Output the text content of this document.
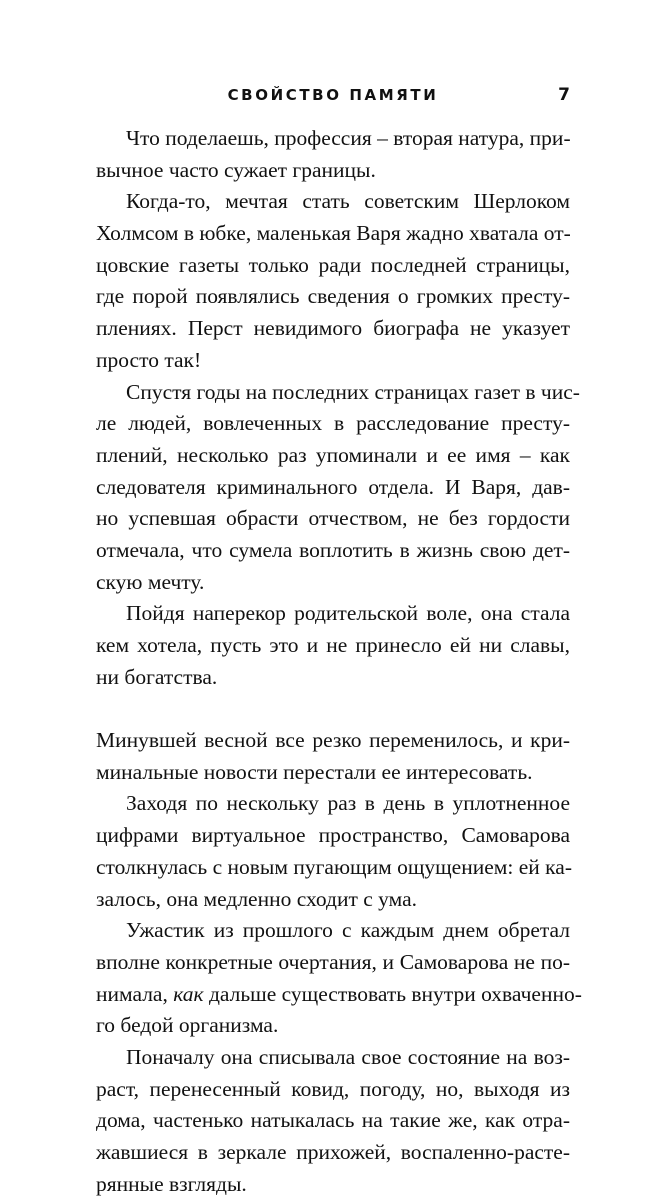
СВОЙСТВО ПАМЯТИ	7
Что поделаешь, профессия – вторая натура, при-
вычное часто сужает границы.
Когда-то, мечтая стать советским Шерлоком
Холмсом в юбке, маленькая Варя жадно хватала от-
цовские газеты только ради последней страницы,
где порой появлялись сведения о громких престу-
плениях. Перст невидимого биографа не указует
просто так!
Спустя годы на последних страницах газет в чис-
ле людей, вовлеченных в расследование престу-
плений, несколько раз упоминали и ее имя – как
следователя криминального отдела. И Варя, дав-
но успевшая обрасти отчеством, не без гордости
отмечала, что сумела воплотить в жизнь свою дет-
скую мечту.
Пойдя наперекор родительской воле, она стала
кем хотела, пусть это и не принесло ей ни славы,
ни богатства.
Минувшей весной все резко переменилось, и кри-
минальные новости перестали ее интересовать.
Заходя по нескольку раз в день в уплотненное
цифрами виртуальное пространство, Самоварова
столкнулась с новым пугающим ощущением: ей ка-
залось, она медленно сходит с ума.
Ужастик из прошлого с каждым днем обретал
вполне конкретные очертания, и Самоварова не по-
нимала, как дальше существовать внутри охваченно-
го бедой организма.
Поначалу она списывала свое состояние на воз-
раст, перенесенный ковид, погоду, но, выходя из
дома, частенько натыкалась на такие же, как отра-
жавшиеся в зеркале прихожей, воспаленно-растe-
рянные взгляды.
